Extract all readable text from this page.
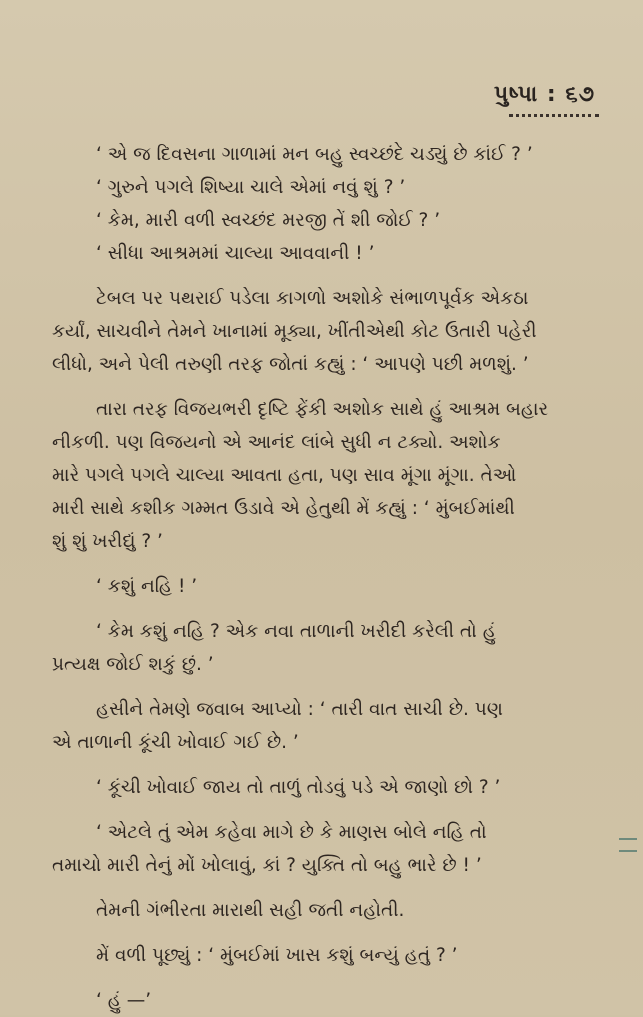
પુષ્પા : ૬૭
‘ એ જ દિવસના ગાળામાં મન બહુ સ્વચ્છંદે ચડ્યું છે કાંઈ ? ’
‘ ગુરુને પગલે શિષ્યા ચાલે એમાં નવું શું ? ’
‘ કેમ, મારી વળી સ્વચ્છંદ મરજી તેં શી જોઈ ? ’
‘ સીધા આશ્રમમાં ચાલ્યા આવવાની ! ’
ટેબલ પર પથરાઈ પડેલા કાગળો અશોકે સંભાળપૂર્વક એકઠા
કર્યાં, સાચવીને તેમને ખાનામાં મૂક્યા, ખીંતીએથી કોટ ઉતારી પહેરી
લીધો, અને પેલી તરુણી તરફ જોતાં કહ્યું : ‘ આપણે પછી મળશું. ’
તારા તરફ વિજયભરી દૃષ્ટિ ફેંકી અશોક સાથે હું આશ્રમ બહાર
નીકળી. પણ વિજયનો એ આનંદ લાંબે સુધી ન ટક્યો. અશોક
મારે પગલે પગલે ચાલ્યા આવતા હતા, પણ સાવ મૂંગા મૂંગા. તેઓ
મારી સાથે કશીક ગમ્મત ઉડાવે એ હેતુથી મેં કહ્યું : ‘ મુંબઈમાંથી
શું શું ખરીદ્યું ? ’
‘ કશું નહિ ! ’
‘ કેમ કશું નહિ ? એક નવા તાળાની ખરીદી કરેલી તો હું
પ્રત્યક્ષ જોઈ શકું છું. ’
હસીને તેમણે જવાબ આપ્યો : ‘ તારી વાત સાચી છે. પણ
એ તાળાની કૂંચી ખોવાઈ ગઈ છે. ’
‘ કૂંચી ખોવાઈ જાય તો તાળું તોડવું પડે એ જાણો છો ? ’
‘ એટલે તું એમ કહેવા માગે છે કે માણસ બોલે નહિ તો
તમાચો મારી તેનું મોં ખોલાવું, કાં ? યુક્તિ તો બહુ ભારે છે ! ’
તેમની ગંભીરતા મારાથી સહી જતી નહોતી.
મેં વળી પૂછ્યું : ‘ મુંબઈમાં ખાસ કશું બન્યું હતું ? ’
‘ હું —’
